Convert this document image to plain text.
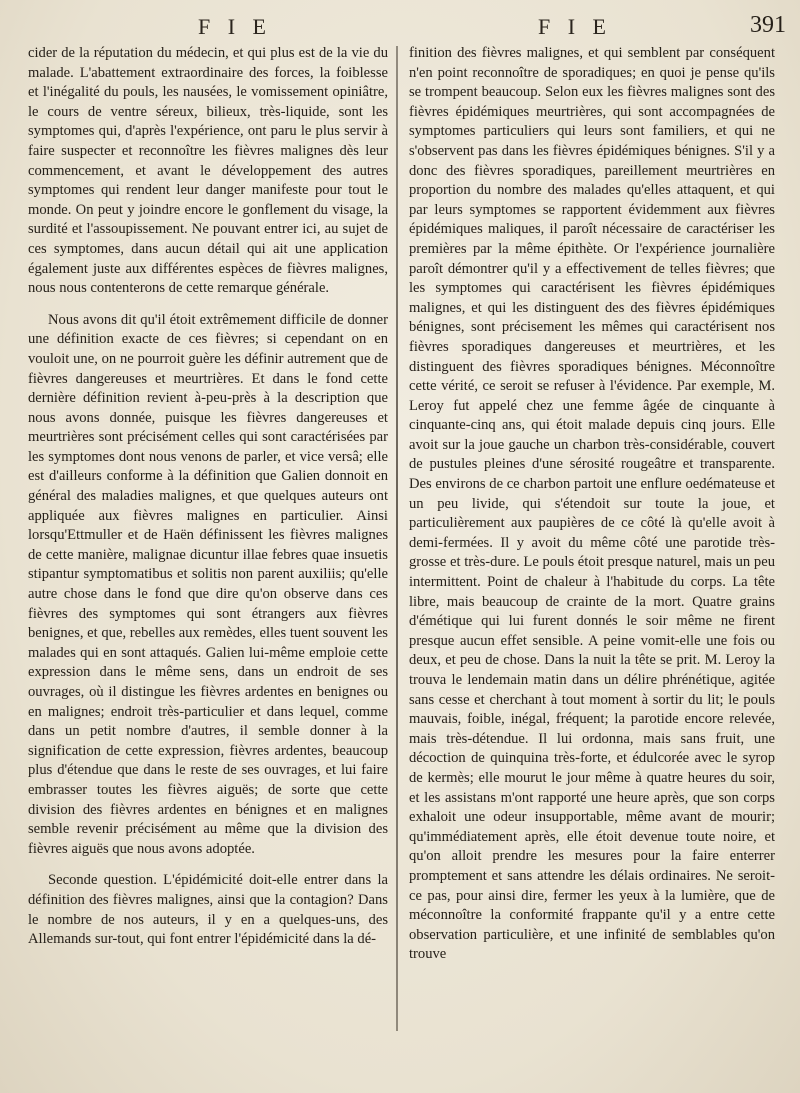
F I E	F I E	391

cider de la réputation du médecin, et qui plus est de la vie du malade. L'abattement extraordinaire des forces, la foiblesse et l'inégalité du pouls, les nausées, le vomissement opiniâtre, le cours de ventre séreux, bilieux, très-liquide, sont les symptomes qui, d'après l'expérience, ont paru le plus servir à faire suspecter et reconnoître les fièvres malignes dès leur commencement, et avant le développement des autres symptomes qui rendent leur danger manifeste pour tout le monde. On peut y joindre encore le gonflement du visage, la surdité et l'assoupissement. Ne pouvant entrer ici, au sujet de ces symptomes, dans aucun détail qui ait une application également juste aux différentes espèces de fièvres malignes, nous nous contenterons de cette remarque générale.

Nous avons dit qu'il étoit extrêmement difficile de donner une définition exacte de ces fièvres; si cependant on en vouloit une, on ne pourroit guère les définir autrement que de fièvres dangereuses et meurtrières. Et dans le fond cette dernière définition revient à-peu-près à la description que nous avons donnée, puisque les fièvres dangereuses et meurtrières sont précisément celles qui sont caractérisées par les symptomes dont nous venons de parler, et vice versâ; elle est d'ailleurs conforme à la définition que Galien donnoit en général des maladies malignes, et que quelques auteurs ont appliquée aux fièvres malignes en particulier. Ainsi lorsqu'Ettmuller et de Haën définissent les fièvres malignes de cette manière, malignae dicuntur illae febres quae insuetis stipantur symptomatibus et solitis non parent auxiliis; qu'elle autre chose dans le fond que dire qu'on observe dans ces fièvres des symptomes qui sont étrangers aux fièvres benignes, et que, rebelles aux remèdes, elles tuent souvent les malades qui en sont attaqués. Galien lui-même emploie cette expression dans le même sens, dans un endroit de ses ouvrages, où il distingue les fièvres ardentes en benignes ou en malignes; endroit très-particulier et dans lequel, comme dans un petit nombre d'autres, il semble donner à la signification de cette expression, fièvres ardentes, beaucoup plus d'étendue que dans le reste de ses ouvrages, et lui faire embrasser toutes les fièvres aiguës; de sorte que cette division des fièvres ardentes en bénignes et en malignes semble revenir précisément au même que la division des fièvres aiguës que nous avons adoptée.

Seconde question. L'épidémicité doit-elle entrer dans la définition des fièvres malignes, ainsi que la contagion? Dans le nombre de nos auteurs, il y en a quelques-uns, des Allemands sur-tout, qui font entrer l'épidémicité dans la dé-

finition des fièvres malignes, et qui semblent par conséquent n'en point reconnoître de sporadiques; en quoi je pense qu'ils se trompent beaucoup. Selon eux les fièvres malignes sont des fièvres épidémiques meurtrières, qui sont accompagnées de symptomes particuliers qui leurs sont familiers, et qui ne s'observent pas dans les fièvres épidémiques bénignes. S'il y a donc des fièvres sporadiques, pareillement meurtrières en proportion du nombre des malades qu'elles attaquent, et qui par leurs symptomes se rapportent évidemment aux fièvres épidémiques maliques, il paroît nécessaire de caractériser les premières par la même épithète. Or l'expérience journalière paroît démontrer qu'il y a effectivement de telles fièvres; que les symptomes qui caractérisent les fièvres épidémiques malignes, et qui les distinguent des des fièvres épidémiques bénignes, sont précisement les mêmes qui caractérisent nos fièvres sporadiques dangereuses et meurtrières, et les distinguent des fièvres sporadiques bénignes. Méconnoître cette vérité, ce seroit se refuser à l'évidence. Par exemple, M. Leroy fut appelé chez une femme âgée de cinquante à cinquante-cinq ans, qui étoit malade depuis cinq jours. Elle avoit sur la joue gauche un charbon très-considérable, couvert de pustules pleines d'une sérosité rougeâtre et transparente. Des environs de ce charbon partoit une enflure oedémateuse et un peu livide, qui s'étendoit sur toute la joue, et particulièrement aux paupières de ce côté là qu'elle avoit à demi-fermées. Il y avoit du même côté une parotide très-grosse et très-dure. Le pouls étoit presque naturel, mais un peu intermittent. Point de chaleur à l'habitude du corps. La tête libre, mais beaucoup de crainte de la mort. Quatre grains d'émétique qui lui furent donnés le soir même ne firent presque aucun effet sensible. A peine vomit-elle une fois ou deux, et peu de chose. Dans la nuit la tête se prit. M. Leroy la trouva le lendemain matin dans un délire phrénétique, agitée sans cesse et cherchant à tout moment à sortir du lit; le pouls mauvais, foible, inégal, fréquent; la parotide encore relevée, mais très-détendue. Il lui ordonna, mais sans fruit, une décoction de quinquina très-forte, et édulcorée avec le syrop de kermès; elle mourut le jour même à quatre heures du soir, et les assistans m'ont rapporté une heure après, que son corps exhaloit une odeur insupportable, même avant de mourir; qu'immédiatement après, elle étoit devenue toute noire, et qu'on alloit prendre les mesures pour la faire enterrer promptement et sans attendre les délais ordinaires. Ne seroit-ce pas, pour ainsi dire, fermer les yeux à la lumière, que de méconnoître la conformité frappante qu'il y a entre cette observation particulière, et une infinité de semblables qu'on trouve
